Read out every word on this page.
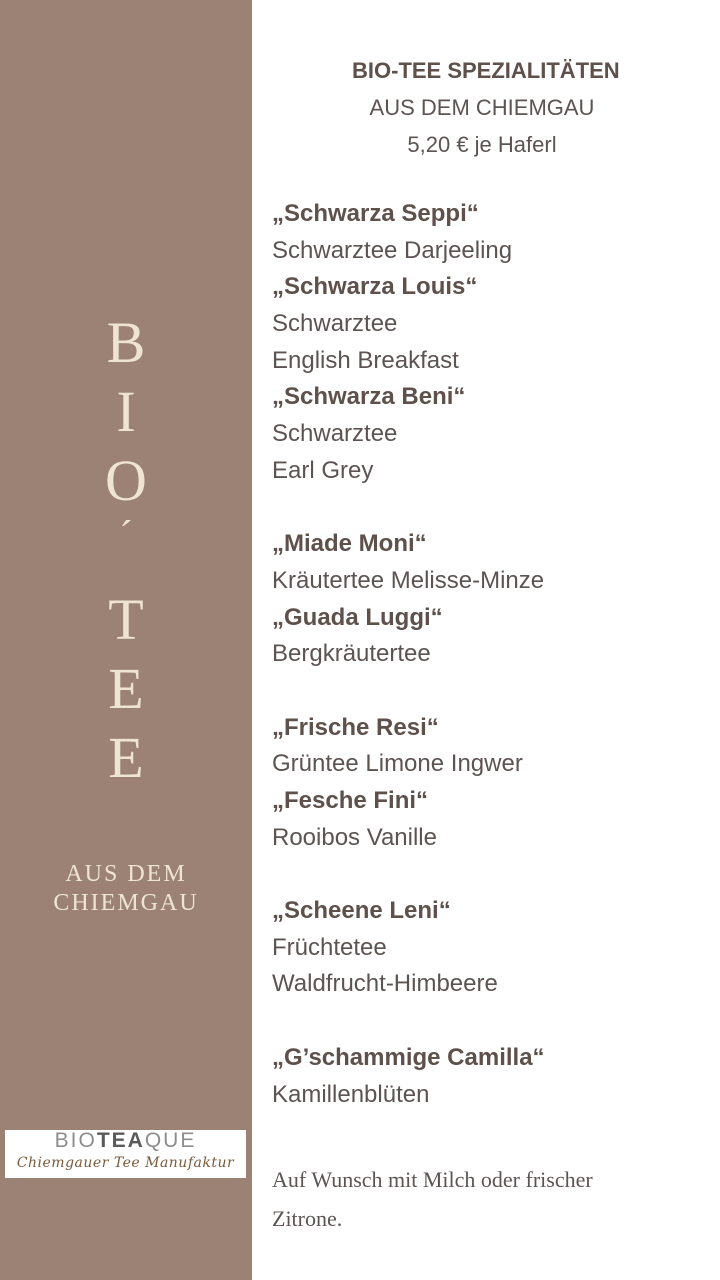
B
I
O
´
T
E
E
AUS DEM
CHIEMGAU
BIOTEAQUE
Chiemgauer Tee Manufaktur
BIO-TEE SPEZIALITÄTEN
AUS DEM CHIEMGAU
5,20 € je Haferl
„Schwarza Seppi“
Schwarztee Darjeeling
„Schwarza Louis“
Schwarztee
English Breakfast
„Schwarza Beni“
Schwarztee
Earl Grey
„Miade Moni“
Kräutertee Melisse-Minze
„Guada Luggi“
Bergkräutertee
„Frische Resi“
Grüntee Limone Ingwer
„Fesche Fini“
Rooibos Vanille
„Scheene Leni“
Früchtetee
Waldfrucht-Himbeere
„G’schammige Camilla“
Kamillenblüten
Auf Wunsch mit Milch oder frischer
Zitrone.
